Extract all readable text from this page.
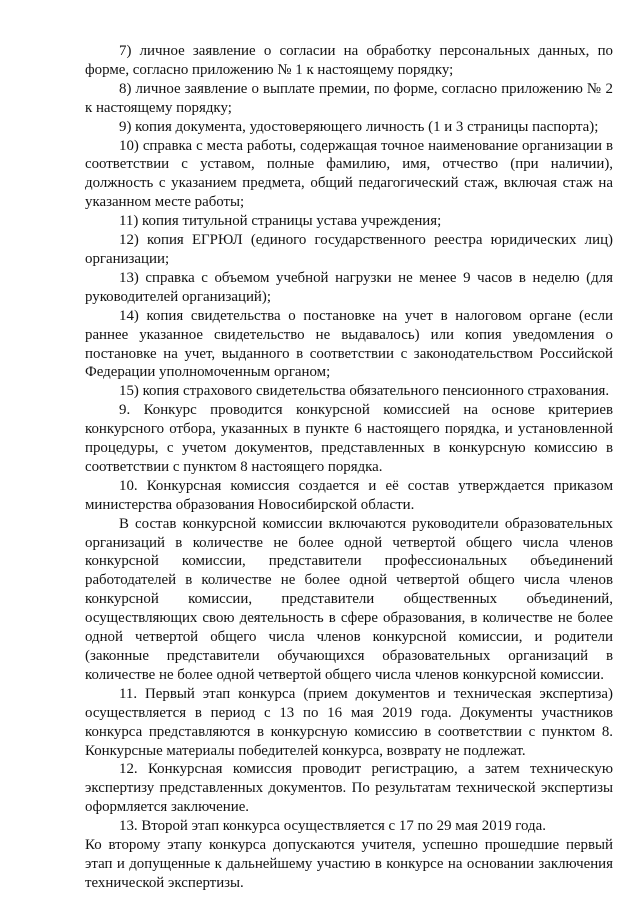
7) личное заявление о согласии на обработку персональных данных, по форме, согласно приложению № 1 к настоящему порядку;

8) личное заявление о выплате премии, по форме, согласно приложению № 2 к настоящему порядку;

9) копия документа, удостоверяющего личность (1 и 3 страницы паспорта);

10) справка с места работы, содержащая точное наименование организации в соответствии с уставом, полные фамилию, имя, отчество (при наличии), должность с указанием предмета, общий педагогический стаж, включая стаж на указанном месте работы;

11) копия титульной страницы устава учреждения;

12) копия ЕГРЮЛ (единого государственного реестра юридических лиц) организации;

13) справка с объемом учебной нагрузки не менее 9 часов в неделю (для руководителей организаций);

14) копия свидетельства о постановке на учет в налоговом органе (если раннее указанное свидетельство не выдавалось) или копия уведомления о постановке на учет, выданного в соответствии с законодательством Российской Федерации уполномоченным органом;

15) копия страхового свидетельства обязательного пенсионного страхования.

9. Конкурс проводится конкурсной комиссией на основе критериев конкурсного отбора, указанных в пункте 6 настоящего порядка, и установленной процедуры, с учетом документов, представленных в конкурсную комиссию в соответствии с пунктом 8 настоящего порядка.

10. Конкурсная комиссия создается и её состав утверждается приказом министерства образования Новосибирской области.

В состав конкурсной комиссии включаются руководители образовательных организаций в количестве не более одной четвертой общего числа членов конкурсной комиссии, представители профессиональных объединений работодателей в количестве не более одной четвертой общего числа членов конкурсной комиссии, представители общественных объединений, осуществляющих свою деятельность в сфере образования, в количестве не более одной четвертой общего числа членов конкурсной комиссии, и родители (законные представители обучающихся образовательных организаций в количестве не более одной четвертой общего числа членов конкурсной комиссии.

11. Первый этап конкурса (прием документов и техническая экспертиза) осуществляется в период с 13 по 16 мая 2019 года. Документы участников конкурса представляются в конкурсную комиссию в соответствии с пунктом 8. Конкурсные материалы победителей конкурса, возврату не подлежат.

12. Конкурсная комиссия проводит регистрацию, а затем техническую экспертизу представленных документов. По результатам технической экспертизы оформляется заключение.

13. Второй этап конкурса осуществляется с 17 по 29 мая 2019 года.

Ко второму этапу конкурса допускаются учителя, успешно прошедшие первый этап и допущенные к дальнейшему участию в конкурсе на основании заключения технической экспертизы.
